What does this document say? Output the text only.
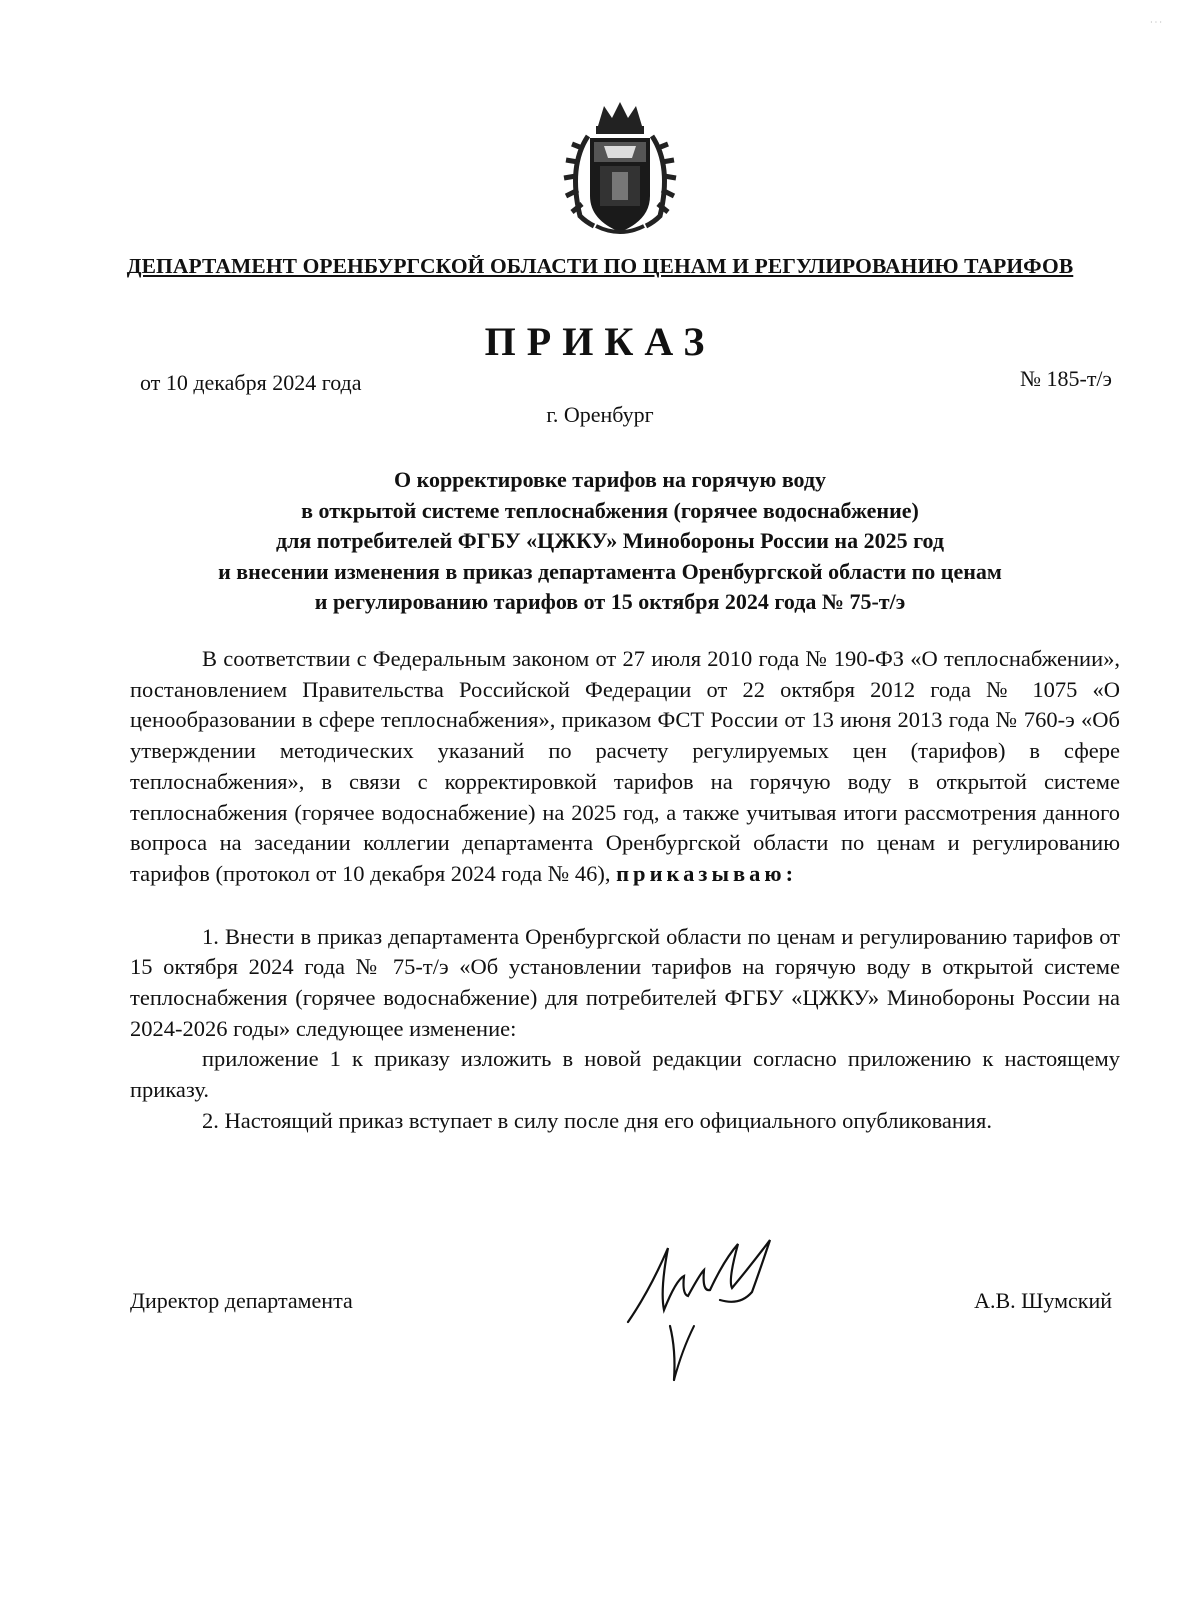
ДЕПАРТАМЕНТ ОРЕНБУРГСКОЙ ОБЛАСТИ ПО ЦЕНАМ И РЕГУЛИРОВАНИЮ ТАРИФОВ
ПРИКАЗ
от 10 декабря 2024 года	№ 185-т/э
г. Оренбург
О корректировке тарифов на горячую воду
в открытой системе теплоснабжения (горячее водоснабжение)
для потребителей ФГБУ «ЦЖКУ» Минобороны России на 2025 год
и внесении изменения в приказ департамента Оренбургской области по ценам
и регулированию тарифов от 15 октября 2024 года № 75-т/э

В соответствии с Федеральным законом от 27 июля 2010 года № 190-ФЗ «О теплоснабжении», постановлением Правительства Российской Федерации от 22 октября 2012 года № 1075 «О ценообразовании в сфере теплоснабжения», приказом ФСТ России от 13 июня 2013 года № 760-э «Об утверждении методических указаний по расчету регулируемых цен (тарифов) в сфере теплоснабжения», в связи с корректировкой тарифов на горячую воду в открытой системе теплоснабжения (горячее водоснабжение) на 2025 год, а также учитывая итоги рассмотрения данного вопроса на заседании коллегии департамента Оренбургской области по ценам и регулированию тарифов (протокол от 10 декабря 2024 года № 46), приказываю:

1. Внести в приказ департамента Оренбургской области по ценам и регулированию тарифов от 15 октября 2024 года № 75-т/э «Об установлении тарифов на горячую воду в открытой системе теплоснабжения (горячее водоснабжение) для потребителей ФГБУ «ЦЖКУ» Минобороны России на 2024-2026 годы» следующее изменение:

приложение 1 к приказу изложить в новой редакции согласно приложению к настоящему приказу.

2. Настоящий приказ вступает в силу после дня его официального опубликования.

Директор департамента	А.В. Шумский
· · ·
